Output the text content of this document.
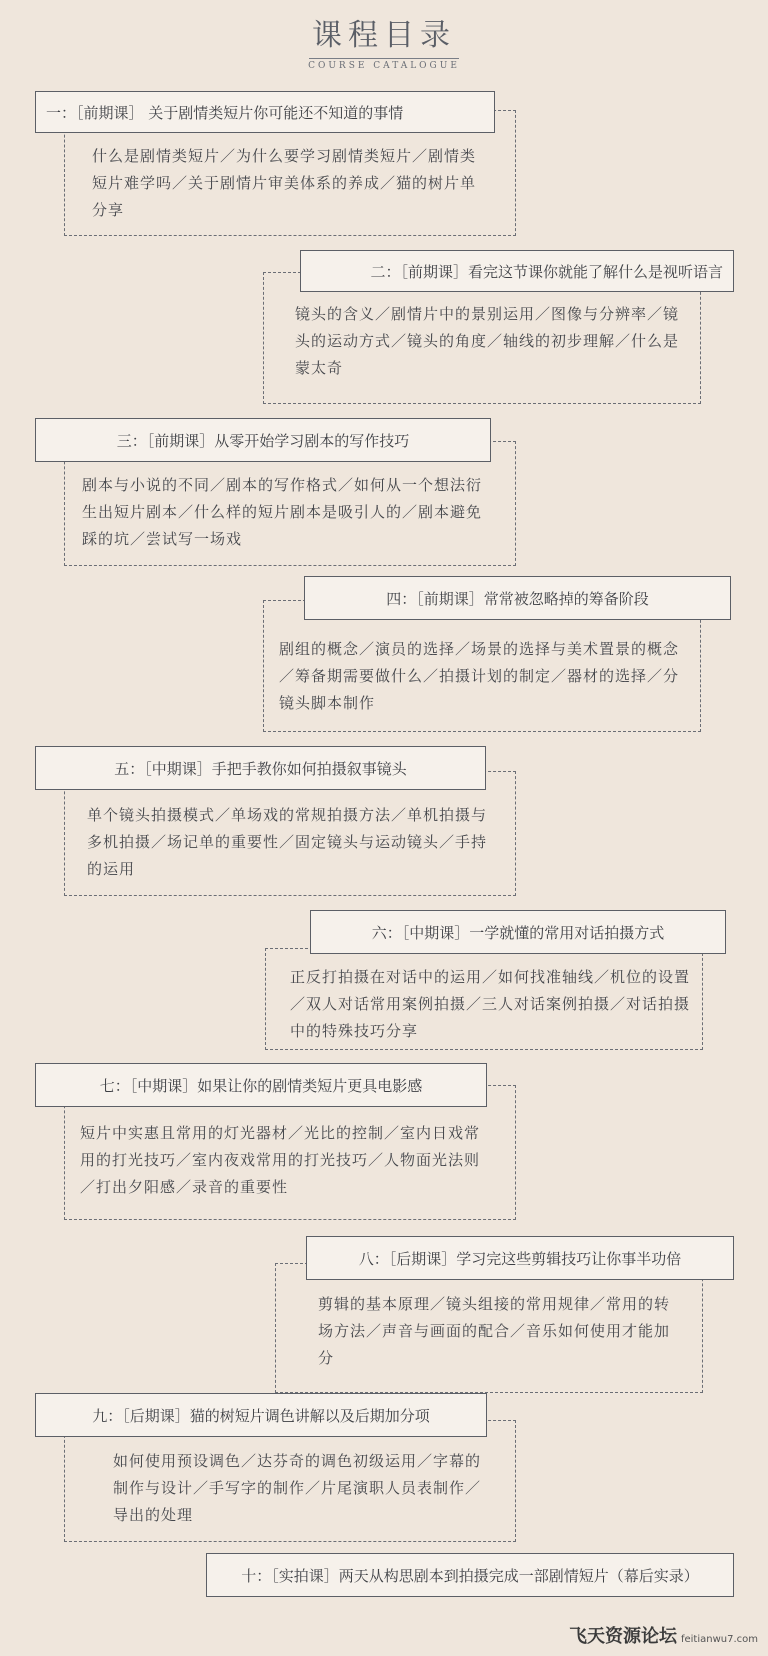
课程目录
COURSE CATALOGUE
一：［前期课］ 关于剧情类短片你可能还不知道的事情
什么是剧情类短片／为什么要学习剧情类短片／剧情类短片难学吗／关于剧情片审美体系的养成／猫的树片单分享
二：［前期课］看完这节课你就能了解什么是视听语言
镜头的含义／剧情片中的景别运用／图像与分辨率／镜头的运动方式／镜头的角度／轴线的初步理解／什么是蒙太奇
三：［前期课］从零开始学习剧本的写作技巧
剧本与小说的不同／剧本的写作格式／如何从一个想法衍生出短片剧本／什么样的短片剧本是吸引人的／剧本避免踩的坑／尝试写一场戏
四：［前期课］常常被忽略掉的筹备阶段
剧组的概念／演员的选择／场景的选择与美术置景的概念／筹备期需要做什么／拍摄计划的制定／器材的选择／分镜头脚本制作
五：［中期课］手把手教你如何拍摄叙事镜头
单个镜头拍摄模式／单场戏的常规拍摄方法／单机拍摄与多机拍摄／场记单的重要性／固定镜头与运动镜头／手持的运用
六：［中期课］一学就懂的常用对话拍摄方式
正反打拍摄在对话中的运用／如何找准轴线／机位的设置／双人对话常用案例拍摄／三人对话案例拍摄／对话拍摄中的特殊技巧分享
七：［中期课］如果让你的剧情类短片更具电影感
短片中实惠且常用的灯光器材／光比的控制／室内日戏常用的打光技巧／室内夜戏常用的打光技巧／人物面光法则／打出夕阳感／录音的重要性
八：［后期课］学习完这些剪辑技巧让你事半功倍
剪辑的基本原理／镜头组接的常用规律／常用的转场方法／声音与画面的配合／音乐如何使用才能加分
九：［后期课］猫的树短片调色讲解以及后期加分项
如何使用预设调色／达芬奇的调色初级运用／字幕的制作与设计／手写字的制作／片尾演职人员表制作／导出的处理
十：［实拍课］两天从构思剧本到拍摄完成一部剧情短片（幕后实录）
飞天资源论坛 feitianwu7.com
